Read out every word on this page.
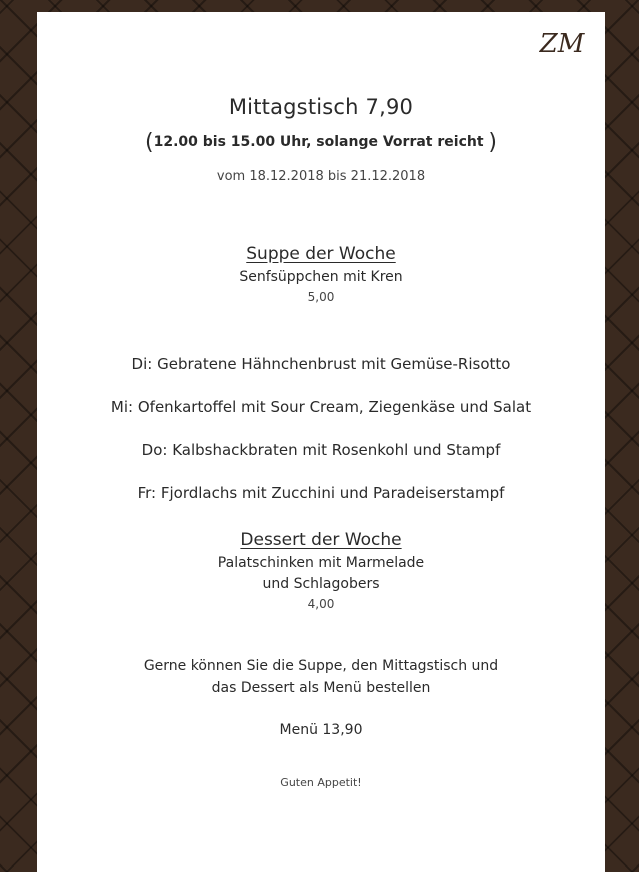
ZM
Mittagstisch 7,90
(12.00 bis 15.00 Uhr, solange Vorrat reicht )
vom 18.12.2018 bis 21.12.2018
Suppe der Woche
Senfsüppchen mit Kren
5,00
Di: Gebratene Hähnchenbrust mit Gemüse-Risotto
Mi: Ofenkartoffel mit Sour Cream, Ziegenkäse und Salat
Do: Kalbshackbraten mit Rosenkohl und Stampf
Fr: Fjordlachs mit Zucchini und Paradeiserstampf
Dessert der Woche
Palatschinken mit Marmelade
und Schlagobers
4,00
Gerne können Sie die Suppe, den Mittagstisch und
das Dessert als Menü bestellen
Menü 13,90
Guten Appetit!
